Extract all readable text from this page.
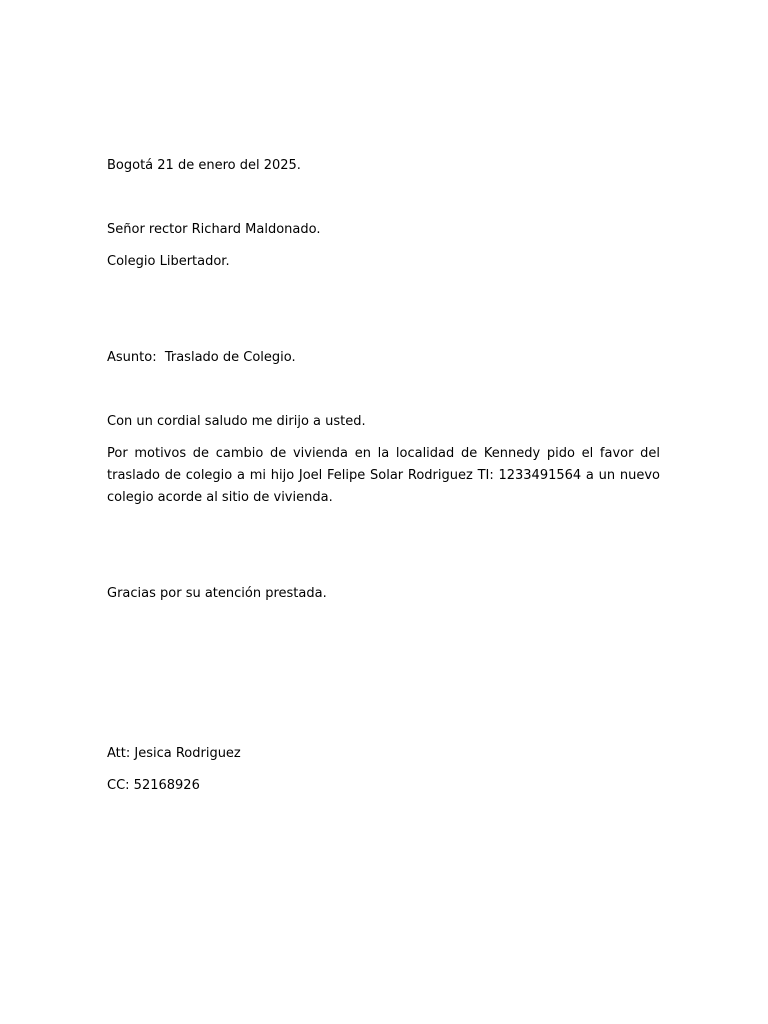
Bogotá 21 de enero del 2025.

Señor rector Richard Maldonado.

Colegio Libertador.

Asunto:  Traslado de Colegio.

Con un cordial saludo me dirijo a usted.

Por motivos de cambio de vivienda en la localidad de Kennedy pido el favor del traslado de colegio a mi hijo Joel Felipe Solar Rodriguez TI: 1233491564 a un nuevo colegio acorde al sitio de vivienda.

Gracias por su atención prestada.

Att: Jesica Rodriguez

CC: 52168926
